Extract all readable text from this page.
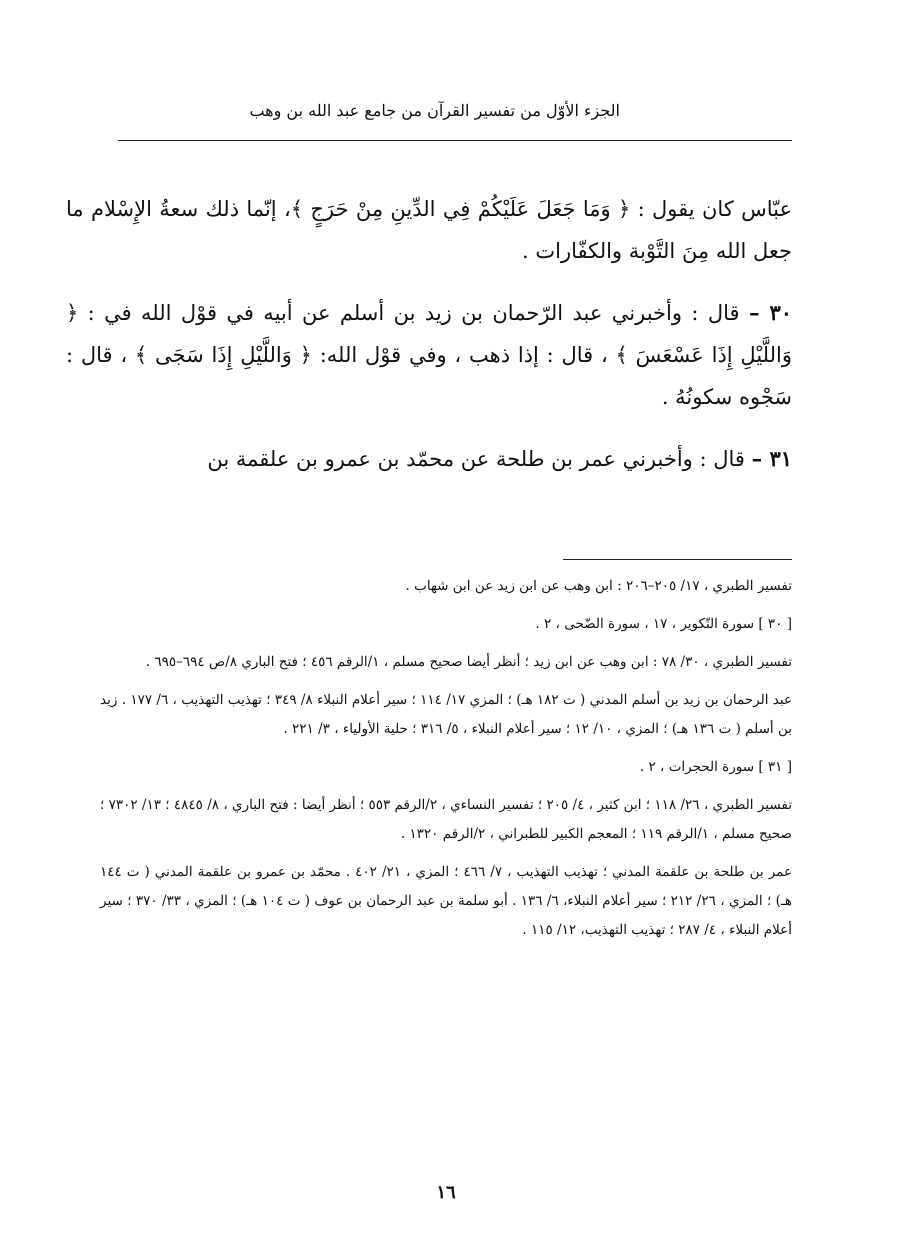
الجزء الأوّل من تفسير القرآن من جامع عبد الله بن وهب

عبّاس كان يقول : ﴿ وَمَا جَعَلَ عَلَيْكُمْ فِي الدِّينِ مِنْ حَرَجٍ ﴾، إنّما ذلك سعةُ الإِسْلام ما جعل الله مِنَ التَّوْبة والكفّارات .

٣٠ – قال : وأخبرني عبد الرّحمان بن زيد بن أسلم عن أبيه في قوْل الله في : ﴿ وَاللَّيْلِ إِذَا عَسْعَسَ ﴾ ، قال : إذا ذهب ، وفي قوْل الله: ﴿ وَاللَّيْلِ إِذَا سَجَى ﴾ ، قال : سَجْوه سكونُهُ .

٣١ – قال : وأخبرني عمر بن طلحة عن محمّد بن عمرو بن علقمة بن

تفسير الطبري ، ١٧/ ٢٠٥–٢٠٦ : ابن وهب عن ابن زيد عن ابن شهاب .

[ ٣٠ ] سورة التّكوير ، ١٧ ، سورة الضّحى ، ٢ .

تفسير الطبري ، ٣٠/ ٧٨ : ابن وهب عن ابن زيد ؛ أنظر أيضا صحيح مسلم ، ١/الرقم ٤٥٦ ؛ فتح الباري ٨/ص ٦٩٤–٦٩٥ .

عبد الرحمان بن زيد بن أسلم المدني ( ت ١٨٢ هـ) ؛ المزي ١٧/ ١١٤ ؛ سير أعلام النبلاء ٨/ ٣٤٩ ؛ تهذيب التهذيب ، ٦/ ١٧٧ . زيد بن أسلم ( ت ١٣٦ هـ) ؛ المزي ، ١٠/ ١٢ ؛ سير أعلام النبلاء ، ٥/ ٣١٦ ؛ حلية الأولياء ، ٣/ ٢٢١ .

[ ٣١ ] سورة الحجرات ، ٢ .

تفسير الطبري ، ٢٦/ ١١٨ ؛ ابن كثير ، ٤/ ٢٠٥ ؛ تفسير النساءي ، ٢/الرقم ٥٥٣ ؛ أنظر أيضا : فتح الباري ، ٨/ ٤٨٤٥ ؛ ١٣/ ٧٣٠٢ ؛ صحيح مسلم ، ١/الرقم ١١٩ ؛ المعجم الكبير للطبراني ، ٢/الرقم ١٣٢٠ .

عمر بن طلحة بن علقمة المدني ؛ تهذيب التهذيب ، ٧/ ٤٦٦ ؛ المزي ، ٢١/ ٤٠٢ . محمّد بن عمرو بن علقمة المدني ( ت ١٤٤ هـ) ؛ المزي ، ٢٦/ ٢١٢ ؛ سير أعلام النبلاء، ٦/ ١٣٦ . أبو سلمة بن عبد الرحمان بن عوف ( ت ١٠٤ هـ) ؛ المزي ، ٣٣/ ٣٧٠ ؛ سير أعلام النبلاء ، ٤/ ٢٨٧ ؛ تهذيب التهذيب، ١٢/ ١١٥ .

١٦
